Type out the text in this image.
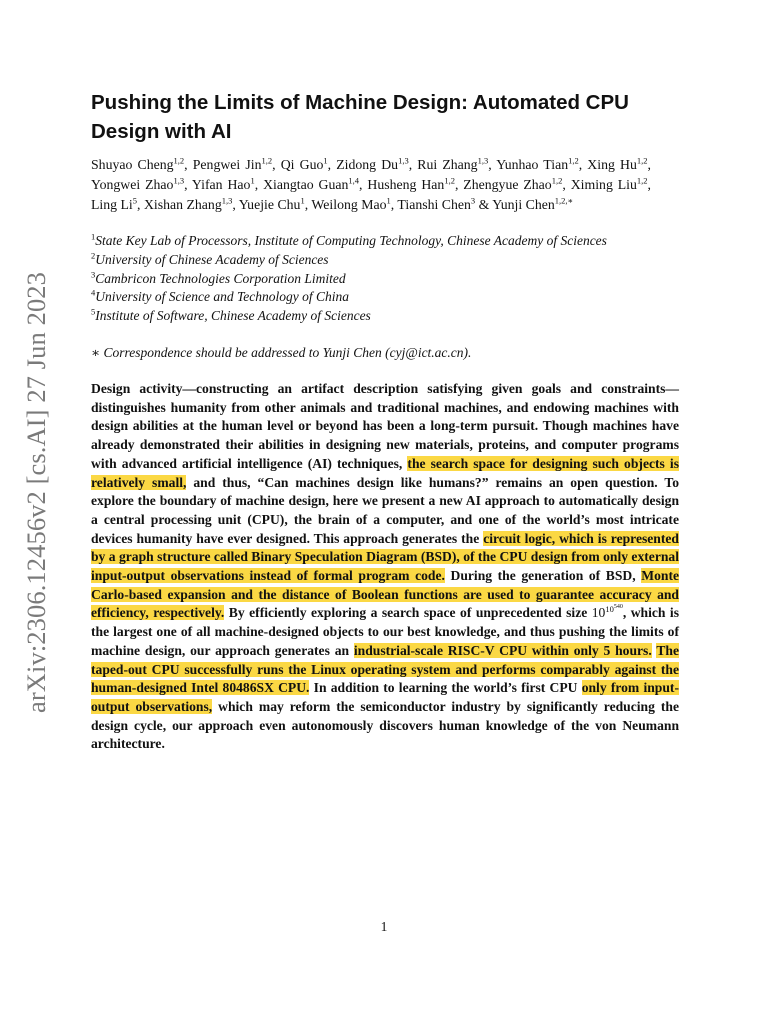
arXiv:2306.12456v2 [cs.AI] 27 Jun 2023
Pushing the Limits of Machine Design: Automated CPU Design with AI
Shuyao Cheng$^{1,2}$, Pengwei Jin$^{1,2}$, Qi Guo$^1$, Zidong Du$^{1,3}$, Rui Zhang$^{1,3}$, Yunhao Tian$^{1,2}$, Xing Hu$^{1,2}$, Yongwei Zhao$^{1,3}$, Yifan Hao$^1$, Xiangtao Guan$^{1,4}$, Husheng Han$^{1,2}$, Zhengyue Zhao$^{1,2}$, Ximing Liu$^{1,2}$, Ling Li$^5$, Xishan Zhang$^{1,3}$, Yuejie Chu$^1$, Weilong Mao$^1$, Tianshi Chen$^3$ & Yunji Chen$^{1,2,∗}$
$^1$State Key Lab of Processors, Institute of Computing Technology, Chinese Academy of Sciences
$^2$University of Chinese Academy of Sciences
$^3$Cambricon Technologies Corporation Limited
$^4$University of Science and Technology of China
$^5$Institute of Software, Chinese Academy of Sciences
∗ Correspondence should be addressed to Yunji Chen (cyj@ict.ac.cn).
Design activity—constructing an artifact description satisfying given goals and constraints—distinguishes humanity from other animals and traditional machines, and endowing machines with design abilities at the human level or beyond has been a long-term pursuit. Though machines have already demonstrated their abilities in designing new materials, proteins, and computer programs with advanced artificial intelligence (AI) techniques, the search space for designing such objects is relatively small, and thus, “Can machines design like humans?” remains an open question. To explore the boundary of machine design, here we present a new AI approach to automatically design a central processing unit (CPU), the brain of a computer, and one of the world’s most intricate devices humanity have ever designed. This approach generates the circuit logic, which is represented by a graph structure called Binary Speculation Diagram (BSD), of the CPU design from only external input-output observations instead of formal program code. During the generation of BSD, Monte Carlo-based expansion and the distance of Boolean functions are used to guarantee accuracy and efficiency, respectively. By efficiently exploring a search space of unprecedented size $10^{10^{540}}$, which is the largest one of all machine-designed objects to our best knowledge, and thus pushing the limits of machine design, our approach generates an industrial-scale RISC-V CPU within only 5 hours. The taped-out CPU successfully runs the Linux operating system and performs comparably against the human-designed Intel 80486SX CPU. In addition to learning the world’s first CPU only from input-output observations, which may reform the semiconductor industry by significantly reducing the design cycle, our approach even autonomously discovers human knowledge of the von Neumann architecture.
1
